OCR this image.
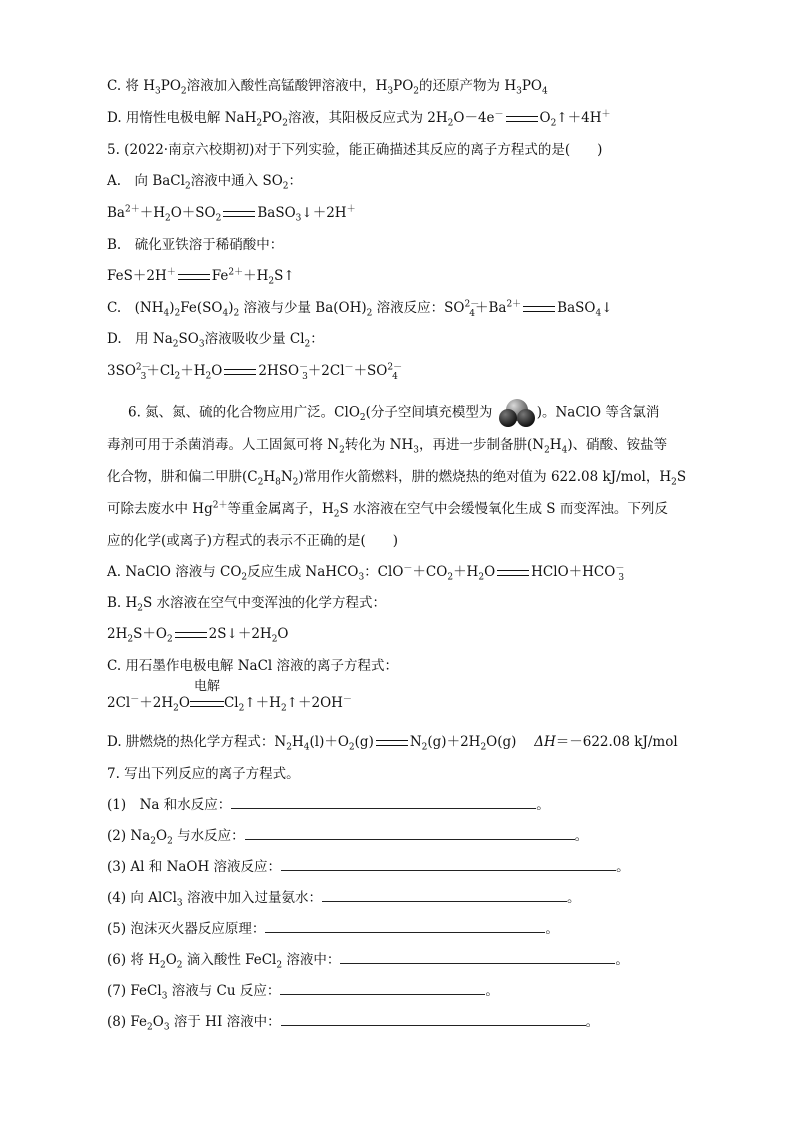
C. 将 $H_3PO_2$溶液加入酸性高锰酸钾溶液中，$H_3PO_2$的还原产物为 $H_3PO_4$
D. 用惰性电极电解 $NaH_2PO_2$溶液，其阳极反应式为 $2H_2O-4e^-$	$O_2↑+4H^+$
5. (2022·南京六校期初)对于下列实验，能正确描述其反应的离子方程式的是(　　)
A.　向 BaCl$_2$溶液中通入 $SO_2$：
$Ba^{2+}+H_2O+SO_2$	BaSO$_3$↓＋2H＋
B.　硫化亚铁溶于稀硝酸中：
FeS＋2H＋	$Fe^{2+}+H_2S↑$
C.　$(NH_4)_2Fe(SO_4)_2$ 溶液与少量 $Ba(OH)_2$ 溶液反应：$SO^{2-}_4+Ba^{2+}$	BaSO$_4$↓
D.　用 $Na_2SO_3$溶液吸收少量 $Cl_2$：
$3SO^{2-}_3+Cl_2+H_2O$	$2HSO^-_3+2Cl^-+SO^{2-}_4$
6. 氮、氮、硫的化合物应用广泛。ClO$_2$(分子空间填充模型为	)。NaClO 等含氯消
毒剂可用于杀菌消毒。人工固氮可将 $N_2$转化为 $NH_3$，再进一步制备肼$(N_2H_4)$、硝酸、铵盐等
化合物，肼和偏二甲肼$(C_2H_8N_2)$常用作火箭燃料，肼的燃烧热的绝对值为 622.08 kJ/mol，$H_2S$
可除去废水中 $Hg^{2+}$等重金属离子，$H_2S$ 水溶液在空气中会缓慢氧化生成 S 而变浑浊。下列反
应的化学(或离子)方程式的表示不正确的是(　　)
A. NaClO 溶液与 $CO_2$反应生成 NaHCO$_3$：$ClO^-+CO_2+H_2O$	$HClO+HCO^-_3$
B. $H_2S$ 水溶液在空气中变浑浊的化学方程式：
$2H_2S+O_2$	$2S↓+2H_2O$
C. 用石墨作电极电解 NaCl 溶液的离子方程式：
$2Cl^-+2H_2O$
电解
$Cl_2↑+H_2↑+2OH^-$
D. 肼燃烧的热化学方程式：$N_2H_4(l)+O_2(g)$	$N_2(g)+2H_2O(g)$　 ΔH＝－622.08 kJ/mol
7. 写出下列反应的离子方程式。
(1)　Na 和水反应：	。
(2) $Na_2O_2$ 与水反应：	。
(3) Al 和 NaOH 溶液反应：	。
(4) 向 AlCl$_3$ 溶液中加入过量氨水：	。
(5) 泡沫灭火器反应原理：	。
(6) 将 $H_2O_2$ 滴入酸性 FeCl$_2$ 溶液中：	。
(7) FeCl$_3$ 溶液与 Cu 反应：	。
(8) $Fe_2O_3$ 溶于 HI 溶液中：	。
